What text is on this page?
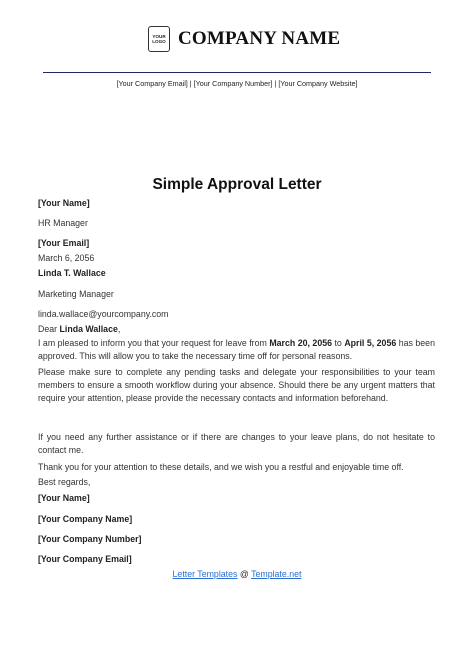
YOUR
LOGO COMPANY NAME
[Your Company Email] | [Your Company Number] | [Your Company Website]
Simple Approval Letter
[Your Name]
HR Manager
[Your Email]
March 6, 2056
Linda T. Wallace
Marketing Manager
linda.wallace@yourcompany.com
Dear Linda Wallace,
I am pleased to inform you that your request for leave from March 20, 2056 to April 5, 2056 has been approved. This will allow you to take the necessary time off for personal reasons.
Please make sure to complete any pending tasks and delegate your responsibilities to your team members to ensure a smooth workflow during your absence. Should there be any urgent matters that require your attention, please provide the necessary contacts and information beforehand.
If you need any further assistance or if there are changes to your leave plans, do not hesitate to contact me.
Thank you for your attention to these details, and we wish you a restful and enjoyable time off.
Best regards,
[Your Name]
[Your Company Name]
[Your Company Number]
[Your Company Email]
Letter Templates @ Template.net
